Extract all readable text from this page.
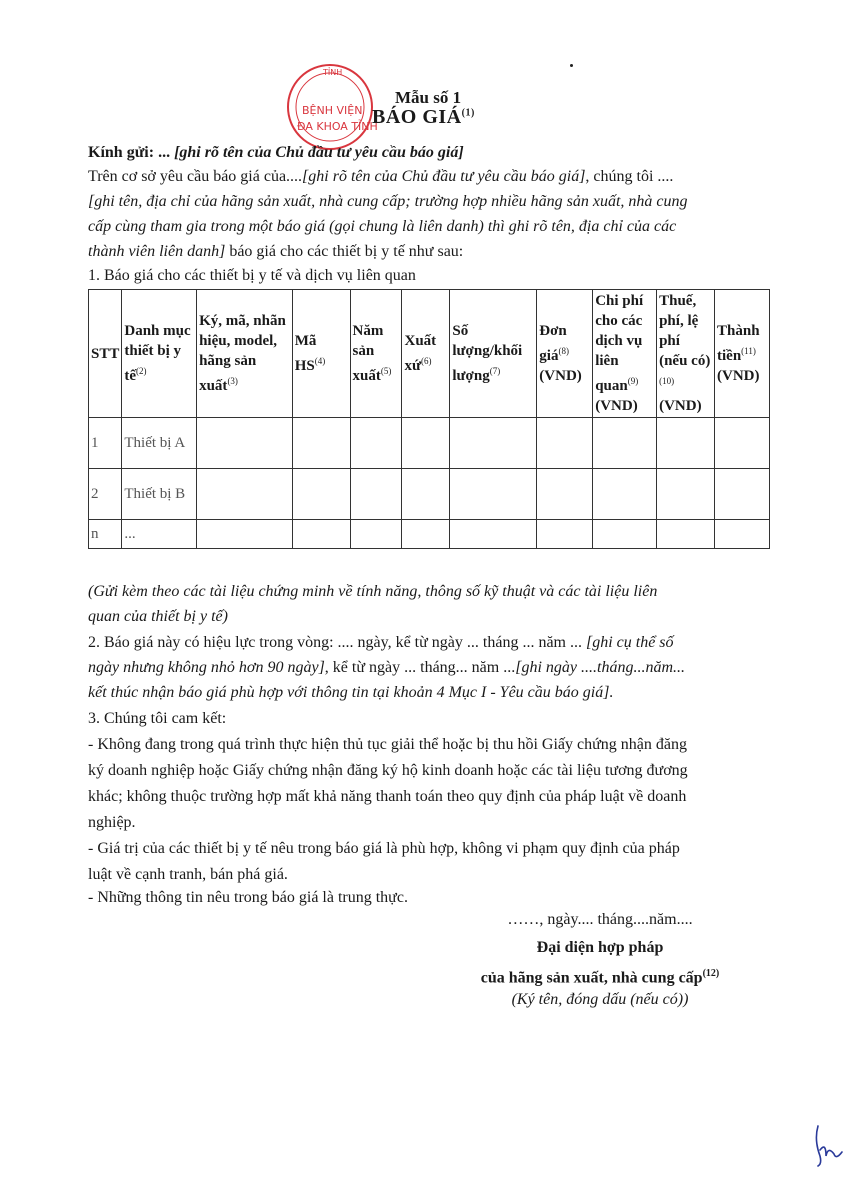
TỈNH
BỆNH VIỆN
ĐA KHOA TỈNH
Mẫu số 1
BÁO GIÁ$^{(1)}$
Kính gửi: ... [ghi rõ tên của Chủ đầu tư yêu cầu báo giá]
Trên cơ sở yêu cầu báo giá của....[ghi rõ tên của Chủ đầu tư yêu cầu báo giá], chúng tôi ....
[ghi tên, địa chỉ của hãng sản xuất, nhà cung cấp; trường hợp nhiều hãng sản xuất, nhà cung
cấp cùng tham gia trong một báo giá (gọi chung là liên danh) thì ghi rõ tên, địa chỉ của các
thành viên liên danh] báo giá cho các thiết bị y tế như sau:
1. Báo giá cho các thiết bị y tế và dịch vụ liên quan
STT	Danh mục thiết bị y tế$^{(2)}$	Ký, mã, nhãn hiệu, model, hãng sản xuất$^{(3)}$	Mã HS$^{(4)}$	Năm sản xuất$^{(5)}$	Xuất xứ$^{(6)}$	Số lượng/khối lượng$^{(7)}$	Đơn giá$^{(8)}$ (VND)	Chi phí cho các dịch vụ liên quan$^{(9)}$ (VND)	Thuế, phí, lệ phí (nếu có)$^{(10)}$ (VND)	Thành tiền$^{(11)}$ (VND)
1	Thiết bị A									
2	Thiết bị B									
n	...									
(Gửi kèm theo các tài liệu chứng minh về tính năng, thông số kỹ thuật và các tài liệu liên
quan của thiết bị y tế)
2. Báo giá này có hiệu lực trong vòng: .... ngày, kể từ ngày ... tháng ... năm ... [ghi cụ thể số
ngày nhưng không nhỏ hơn 90 ngày], kể từ ngày ... tháng... năm ...[ghi ngày ....tháng...năm...
kết thúc nhận báo giá phù hợp với thông tin tại khoản 4 Mục I - Yêu cầu báo giá].
3. Chúng tôi cam kết:
- Không đang trong quá trình thực hiện thủ tục giải thể hoặc bị thu hồi Giấy chứng nhận đăng
ký doanh nghiệp hoặc Giấy chứng nhận đăng ký hộ kinh doanh hoặc các tài liệu tương đương
khác; không thuộc trường hợp mất khả năng thanh toán theo quy định của pháp luật về doanh
nghiệp.
- Giá trị của các thiết bị y tế nêu trong báo giá là phù hợp, không vi phạm quy định của pháp
luật về cạnh tranh, bán phá giá.
- Những thông tin nêu trong báo giá là trung thực.
……, ngày.... tháng....năm....
Đại diện hợp pháp
của hãng sản xuất, nhà cung cấp$^{(12)}$
(Ký tên, đóng dấu (nếu có))
